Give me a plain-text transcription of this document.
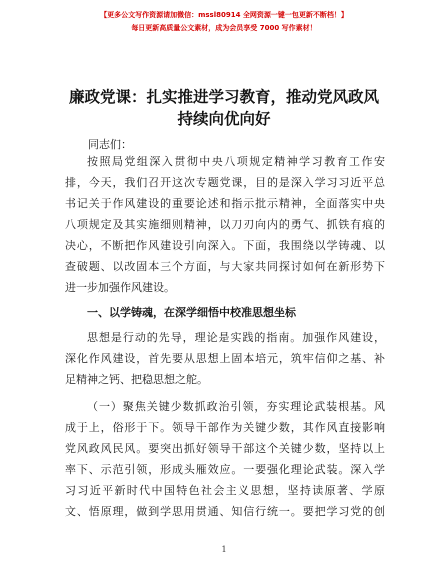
【更多公文写作资源请加微信：mssl80914 全网资源一键一包更新不断档！】
每日更新高质量公文素材，成为会员享受 7000 写作素材！
廉政党课：扎实推进学习教育，推动党风政风
持续向优向好
同志们：
按照局党组深入贯彻中央八项规定精神学习教育工作安
排，今天，我们召开这次专题党课，目的是深入学习习近平总
书记关于作风建设的重要论述和指示批示精神，全面落实中央
八项规定及其实施细则精神，以刀刃向内的勇气、抓铁有痕的
决心，不断把作风建设引向深入。下面，我围绕以学铸魂、以
查破题、以改固本三个方面，与大家共同探讨如何在新形势下
进一步加强作风建设。
一、以学铸魂，在深学细悟中校准思想坐标
思想是行动的先导，理论是实践的指南。加强作风建设，
深化作风建设，首先要从思想上固本培元，筑牢信仰之基、补
足精神之钙、把稳思想之舵。
（一）聚焦关键少数抓政治引领，夯实理论武装根基。风
成于上，俗形于下。领导干部作为关键少数，其作风直接影响
党风政风民风。要突出抓好领导干部这个关键少数，坚持以上
率下、示范引领，形成头雁效应。一要强化理论武装。深入学
习习近平新时代中国特色社会主义思想，坚持读原著、学原
文、悟原理，做到学思用贯通、知信行统一。要把学习党的创
1
